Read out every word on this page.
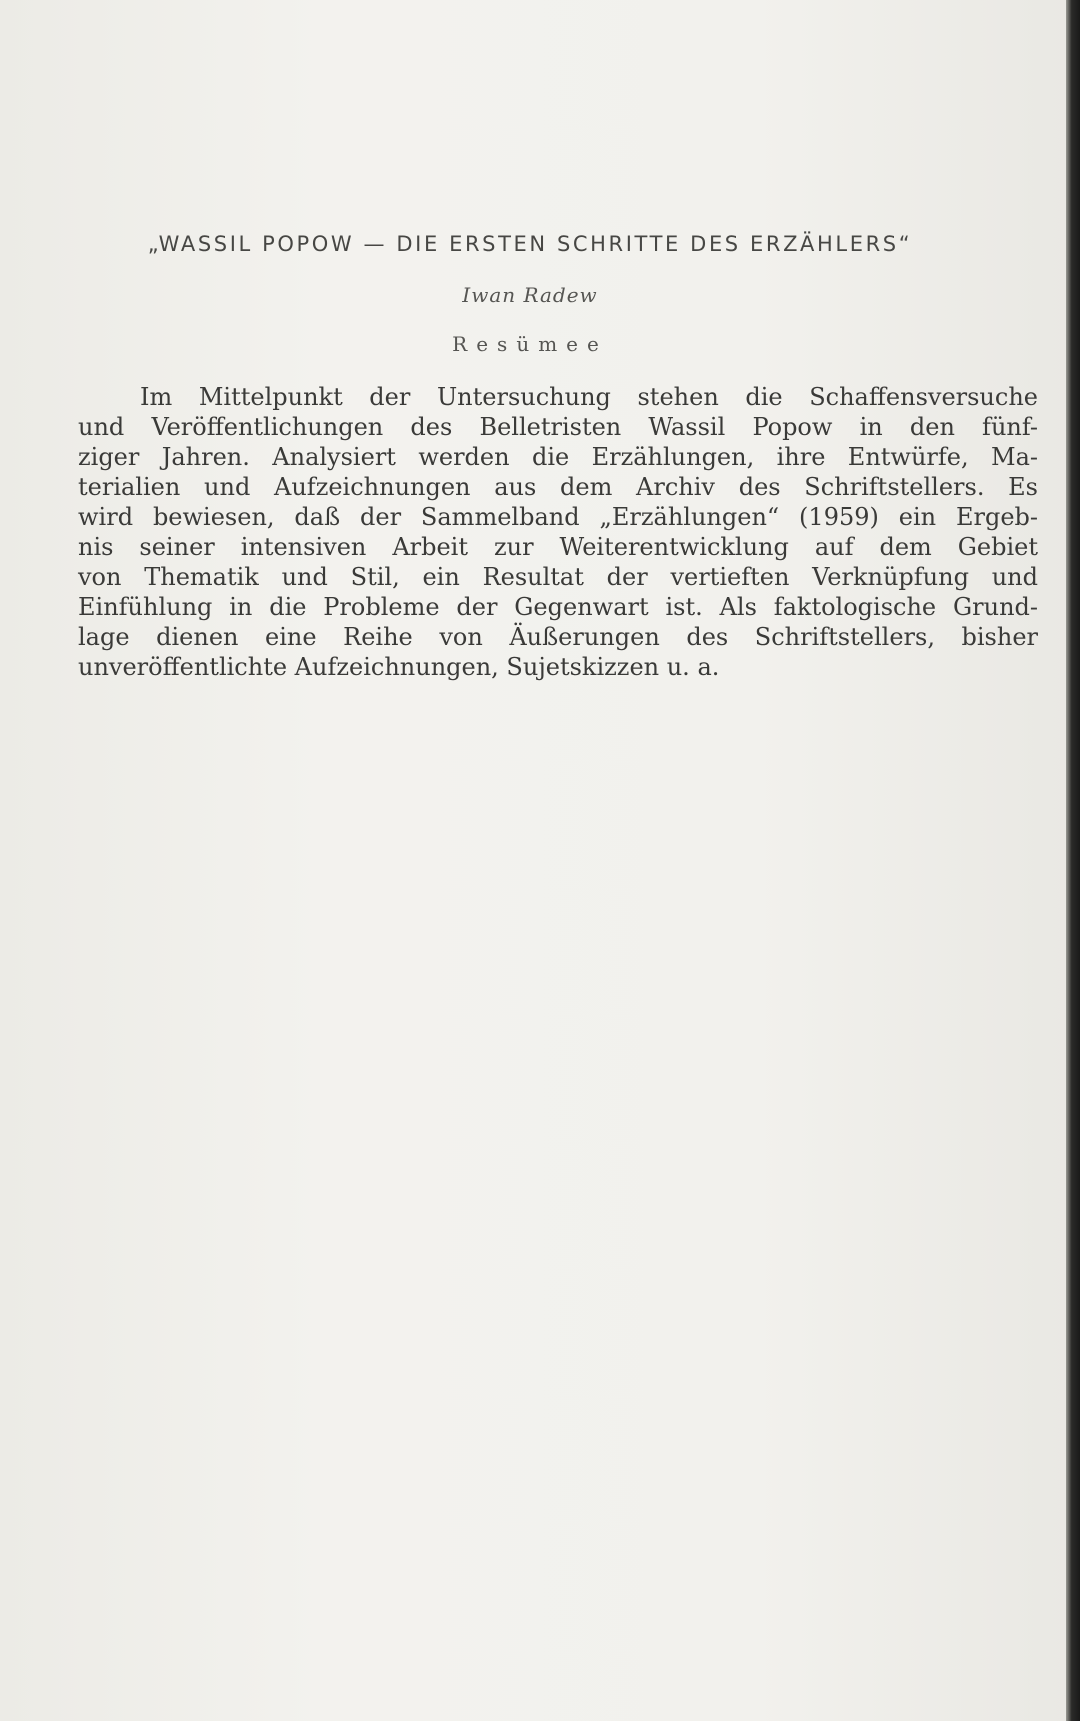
„WASSIL POPOW — DIE ERSTEN SCHRITTE DES ERZÄHLERS“
Iwan Radew
Resümee
Im Mittelpunkt der Untersuchung stehen die Schaffensversuche
und Veröffentlichungen des Belletristen Wassil Popow in den fünf-
ziger Jahren. Analysiert werden die Erzählungen, ihre Entwürfe, Ma-
terialien und Aufzeichnungen aus dem Archiv des Schriftstellers. Es
wird bewiesen, daß der Sammelband „Erzählungen“ (1959) ein Ergeb-
nis seiner intensiven Arbeit zur Weiterentwicklung auf dem Gebiet
von Thematik und Stil, ein Resultat der vertieften Verknüpfung und
Einfühlung in die Probleme der Gegenwart ist. Als faktologische Grund-
lage dienen eine Reihe von Äußerungen des Schriftstellers, bisher
unveröffentlichte Aufzeichnungen, Sujetskizzen u. a.
